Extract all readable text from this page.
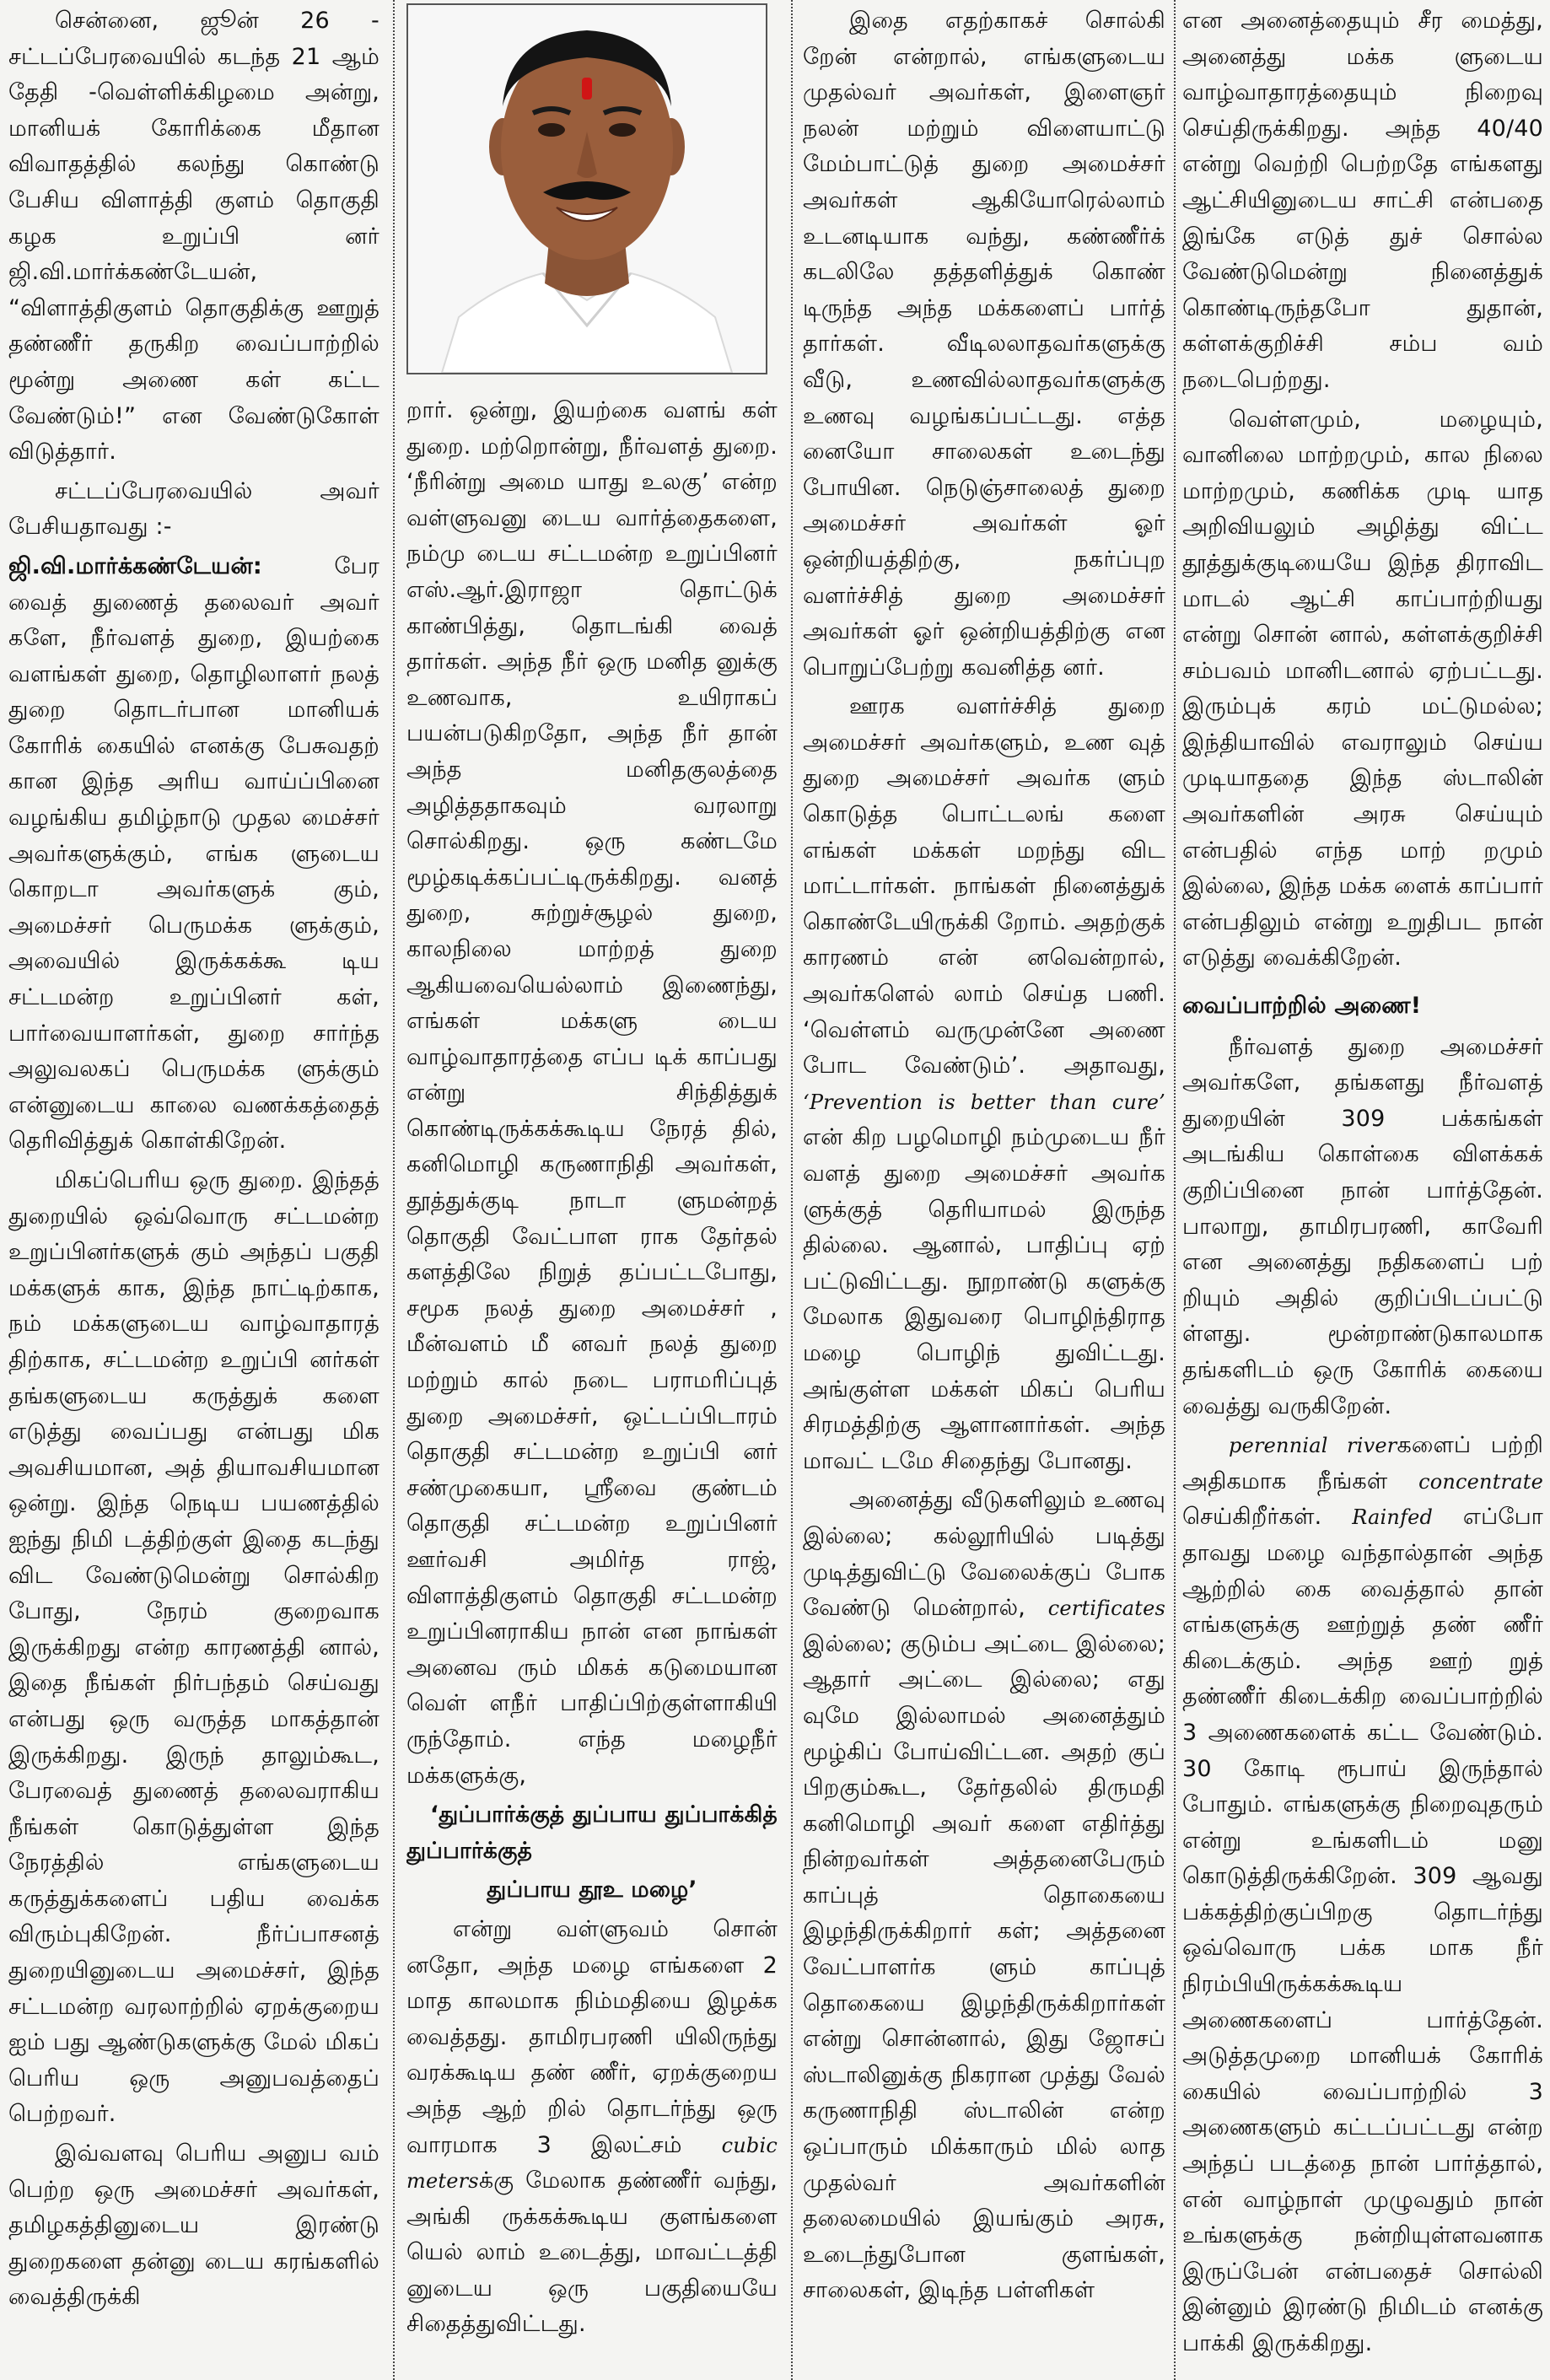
சென்னை, ஜூன் 26 - சட்டப்பேரவையில் கடந்த 21 ஆம் தேதி -வெள்ளிக்கிழமை அன்று, மானியக் கோரிக்கை மீதான விவாதத்தில் கலந்து கொண்டு பேசிய விளாத்தி குளம் தொகுதி கழக உறுப்பி னர் ஜி.வி.மார்க்கண்டேயன், “விளாத்திகுளம் தொகுதிக்கு ஊறுத் தண்ணீர் தருகிற வைப்பாற்றில் மூன்று அணை கள் கட்ட வேண்டும்!” என வேண்டுகோள் விடுத்தார்.

சட்டப்பேரவையில் அவர் பேசியதாவது :-

ஜி.வி.மார்க்கண்டேயன்:	பேர வைத் துணைத் தலைவர் அவர் களே, நீர்வளத் துறை, இயற்கை வளங்கள் துறை, தொழிலாளர் நலத் துறை தொடர்பான மானியக் கோரிக் கையில் எனக்கு பேசுவதற் கான இந்த அரிய வாய்ப்பினை வழங்கிய தமிழ்நாடு முதல மைச்சர் அவர்களுக்கும், எங்க ளுடைய கொறடா அவர்களுக் கும், அமைச்சர் பெருமக்க ளுக்கும், அவையில் இருக்கக்கூ டிய சட்டமன்ற உறுப்பினர் கள், பார்வையாளர்கள், துறை சார்ந்த அலுவலகப் பெருமக்க ளுக்கும் என்னுடைய காலை வணக்கத்தைத் தெரிவித்துக் கொள்கிறேன்.

மிகப்பெரிய ஒரு துறை. இந்தத் துறையில் ஒவ்வொரு சட்டமன்ற உறுப்பினர்களுக் கும் அந்தப் பகுதி மக்களுக் காக, இந்த நாட்டிற்காக, நம் மக்களுடைய வாழ்வாதாரத் திற்காக, சட்டமன்ற உறுப்பி னர்கள் தங்களுடைய கருத்துக் களை எடுத்து வைப்பது என்பது மிக அவசியமான, அத் தியாவசியமான ஒன்று. இந்த நெடிய பயணத்தில் ஐந்து நிமி டத்திற்குள் இதை கடந்து விட வேண்டுமென்று சொல்கிற போது, நேரம் குறைவாக இருக்கிறது என்ற காரணத்தி னால், இதை நீங்கள் நிர்பந்தம் செய்வது என்பது ஒரு வருத்த மாகத்தான் இருக்கிறது. இருந் தாலும்கூட, பேரவைத் துணைத் தலைவராகிய நீங்கள் கொடுத்துள்ள இந்த நேரத்தில் எங்களுடைய கருத்துக்களைப் பதிய வைக்க விரும்புகிறேன். நீர்ப்பாசனத் துறையினுடைய அமைச்சர், இந்த சட்டமன்ற வரலாற்றில் ஏறக்குறைய ஐம் பது ஆண்டுகளுக்கு மேல் மிகப் பெரிய ஒரு அனுபவத்தைப் பெற்றவர்.

இவ்வளவு பெரிய அனுப வம் பெற்ற ஒரு அமைச்சர் அவர்கள், தமிழகத்தினுடைய இரண்டு துறைகளை தன்னு டைய கரங்களில் வைத்திருக்கி

றார். ஒன்று, இயற்கை வளங் கள் துறை. மற்றொன்று, நீர்வளத் துறை. ‘நீரின்று அமை யாது உலகு’ என்ற வள்ளுவனு டைய வார்த்தைகளை, நம்மு டைய சட்டமன்ற உறுப்பினர் எஸ்.ஆர்.இராஜா தொட்டுக் காண்பித்து, தொடங்கி வைத் தார்கள். அந்த நீர் ஒரு மனித னுக்கு உணவாக, உயிராகப் பயன்படுகிறதோ, அந்த நீர் தான் அந்த மனிதகுலத்தை அழித்ததாகவும் வரலாறு சொல்கிறது. ஒரு கண்டமே மூழ்கடிக்கப்பட்டிருக்கிறது. வனத் துறை, சுற்றுச்சூழல் துறை, காலநிலை மாற்றத் துறை ஆகியவையெல்லாம் இணைந்து, எங்கள் மக்களு டைய வாழ்வாதாரத்தை எப்ப டிக் காப்பது என்று சிந்தித்துக் கொண்டிருக்கக்கூடிய நேரத் தில், கனிமொழி கருணாநிதி அவர்கள், தூத்துக்குடி நாடா ளுமன்றத் தொகுதி வேட்பாள ராக தேர்தல் களத்திலே நிறுத் தப்பட்டபோது, சமூக நலத் துறை அமைச்சர் , மீன்வளம் மீ னவர் நலத் துறை மற்றும் கால் நடை பராமரிப்புத் துறை அமைச்சர், ஒட்டப்பிடாரம் தொகுதி சட்டமன்ற உறுப்பி னர் சண்முகையா, ஸ்ரீவை குண்டம் தொகுதி சட்டமன்ற உறுப்பினர் ஊர்வசி அமிர்த ராஜ், விளாத்திகுளம் தொகுதி சட்டமன்ற உறுப்பினராகிய நான் என நாங்கள் அனைவ ரும் மிகக் கடுமையான வெள் ளநீர் பாதிப்பிற்குள்ளாகியி ருந்தோம். எந்த மழைநீர் மக்களுக்கு,

‘துப்பார்க்குத் துப்பாய துப்பாக்கித் துப்பார்க்குத்

துப்பாய தூஉ மழை’

என்று வள்ளுவம் சொன் னதோ, அந்த மழை எங்களை 2 மாத காலமாக நிம்மதியை இழக்க வைத்தது. தாமிரபரணி யிலிருந்து வரக்கூடிய தண் ணீர், ஏறக்குறைய அந்த ஆற் றில் தொடர்ந்து ஒரு வாரமாக 3 இலட்சம் cubic metersக்கு மேலாக தண்ணீர் வந்து, அங்கி ருக்கக்கூடிய குளங்களை யெல் லாம் உடைத்து, மாவட்டத்தி னுடைய ஒரு பகுதியையே சிதைத்துவிட்டது.

இதை எதற்காகச் சொல்கி றேன் என்றால், எங்களுடைய முதல்வர் அவர்கள், இளைஞர் நலன் மற்றும் விளையாட்டு மேம்பாட்டுத் துறை அமைச்சர் அவர்கள் ஆகியோரெல்லாம் உடனடியாக வந்து, கண்ணீர்க் கடலிலே தத்தளித்துக் கொண் டிருந்த அந்த மக்களைப் பார்த் தார்கள். வீடிலலாதவர்களுக்கு வீடு, உணவில்லாதவர்களுக்கு உணவு வழங்கப்பட்டது. எத்த னையோ சாலைகள் உடைந்து போயின. நெடுஞ்சாலைத் துறை அமைச்சர் அவர்கள் ஓர் ஒன்றியத்திற்கு, நகர்ப்புற வளர்ச்சித் துறை அமைச்சர் அவர்கள் ஓர் ஒன்றியத்திற்கு என பொறுப்பேற்று கவனித்த னர்.

ஊரக வளர்ச்சித் துறை அமைச்சர் அவர்களும், உண வுத் துறை அமைச்சர் அவர்க ளும் கொடுத்த பொட்டலங் களை எங்கள் மக்கள் மறந்து விட மாட்டார்கள். நாங்கள் நினைத்துக் கொண்டேயிருக்கி றோம். அதற்குக் காரணம் என் னவென்றால், அவர்களெல் லாம் செய்த பணி. ‘வெள்ளம் வருமுன்னே அணை போட வேண்டும்’. அதாவது, ‘Prevention is better than cure’ என் கிற பழமொழி நம்முடைய நீர் வளத் துறை அமைச்சர் அவர்க ளுக்குத் தெரியாமல் இருந்த தில்லை. ஆனால், பாதிப்பு ஏற் பட்டுவிட்டது. நூறாண்டு களுக்கு மேலாக இதுவரை பொழிந்திராத மழை பொழிந் துவிட்டது. அங்குள்ள மக்கள் மிகப் பெரிய சிரமத்திற்கு ஆளானார்கள். அந்த மாவட் டமே சிதைந்து போனது.

அனைத்து வீடுகளிலும் உணவு இல்லை; கல்லூரியில் படித்து முடித்துவிட்டு வேலைக்குப் போக வேண்டு மென்றால், certificates இல்லை; குடும்ப அட்டை இல்லை; ஆதார் அட்டை இல்லை; எது வுமே இல்லாமல் அனைத்தும் மூழ்கிப் போய்விட்டன. அதற் குப் பிறகும்கூட, தேர்தலில் திருமதி கனிமொழி அவர் களை எதிர்த்து நின்றவர்கள் அத்தனைபேரும் காப்புத் தொகையை இழந்திருக்கிறார் கள்; அத்தனை வேட்பாளர்க ளும் காப்புத் தொகையை இழந்திருக்கிறார்கள் என்று சொன்னால், இது ஜோசப் ஸ்டாலினுக்கு நிகரான முத்து வேல் கருணாநிதி ஸ்டாலின் என்ற ஒப்பாரும் மிக்காரும் மில் லாத முதல்வர் அவர்களின் தலைமையில் இயங்கும் அரசு, உடைந்துபோன குளங்கள், சாலைகள், இடிந்த பள்ளிகள்

என அனைத்தையும் சீர மைத்து, அனைத்து மக்க ளுடைய வாழ்வாதாரத்தையும் நிறைவு செய்திருக்கிறது. அந்த 40/40 என்று வெற்றி பெற்றதே எங்களது ஆட்சியினுடைய சாட்சி என்பதை இங்கே எடுத் துச் சொல்ல வேண்டுமென்று நினைத்துக் கொண்டிருந்தபோ துதான், கள்ளக்குறிச்சி சம்ப வம் நடைபெற்றது.

வெள்ளமும், மழையும், வானிலை மாற்றமும், கால நிலை மாற்றமும், கணிக்க முடி யாத அறிவியலும் அழித்து விட்ட தூத்துக்குடியையே இந்த திராவிட மாடல் ஆட்சி காப்பாற்றியது என்று சொன் னால், கள்ளக்குறிச்சி சம்பவம் மானிடனால் ஏற்பட்டது. இரும்புக் கரம் மட்டுமல்ல; இந்தியாவில் எவராலும் செய்ய முடியாததை இந்த ஸ்டாலின் அவர்களின் அரசு செய்யும் என்பதில் எந்த மாற் றமும் இல்லை, இந்த மக்க ளைக் காப்பார் என்பதிலும் என்று உறுதிபட நான் எடுத்து வைக்கிறேன்.

வைப்பாற்றில் அணை!

நீர்வளத் துறை அமைச்சர் அவர்களே, தங்களது நீர்வளத் துறையின் 309 பக்கங்கள் அடங்கிய கொள்கை விளக்கக் குறிப்பினை நான் பார்த்தேன். பாலாறு, தாமிரபரணி, காவேரி என அனைத்து நதிகளைப் பற் றியும் அதில் குறிப்பிடப்பட்டு ள்ளது. மூன்றாண்டுகாலமாக தங்களிடம் ஒரு கோரிக் கையை வைத்து வருகிறேன்.

perennial riverகளைப் பற்றி அதிகமாக நீங்கள் concentrate செய்கிறீர்கள். Rainfed எப்போ தாவது மழை வந்தால்தான் அந்த ஆற்றில் கை வைத்தால் தான் எங்களுக்கு ஊற்றுத் தண் ணீர் கிடைக்கும். அந்த ஊற் றுத் தண்ணீர் கிடைக்கிற வைப்பாற்றில் 3 அணைகளைக் கட்ட வேண்டும். 30 கோடி ரூபாய் இருந்தால் போதும். எங்களுக்கு நிறைவுதரும் என்று உங்களிடம் மனு கொடுத்திருக்கிறேன். 309 ஆவது பக்கத்திற்குப்பிறகு தொடர்ந்து ஒவ்வொரு பக்க மாக நீர் நிரம்பியிருக்கக்கூடிய அணைகளைப் பார்த்தேன். அடுத்தமுறை மானியக் கோரிக் கையில் வைப்பாற்றில் 3 அணைகளும் கட்டப்பட்டது என்ற அந்தப் படத்தை நான் பார்த்தால், என் வாழ்நாள் முழுவதும் நான் உங்களுக்கு நன்றியுள்ளவனாக இருப்பேன் என்பதைச் சொல்லி இன்னும் இரண்டு நிமிடம் எனக்கு பாக்கி இருக்கிறது.
